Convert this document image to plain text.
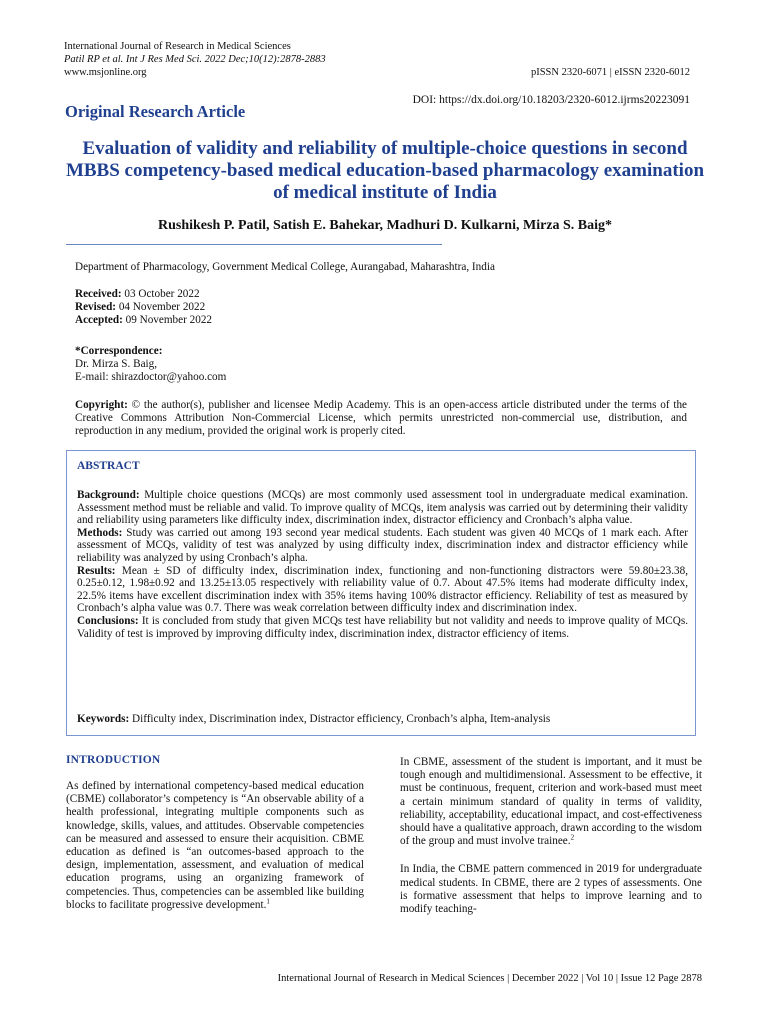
International Journal of Research in Medical Sciences
Patil RP et al. Int J Res Med Sci. 2022 Dec;10(12):2878-2883
www.msjonline.org	pISSN 2320-6071 | eISSN 2320-6012
DOI: https://dx.doi.org/10.18203/2320-6012.ijrms20223091
Original Research Article
Evaluation of validity and reliability of multiple-choice questions in second MBBS competency-based medical education-based pharmacology examination of medical institute of India
Rushikesh P. Patil, Satish E. Bahekar, Madhuri D. Kulkarni, Mirza S. Baig*
Department of Pharmacology, Government Medical College, Aurangabad, Maharashtra, India
Received: 03 October 2022
Revised: 04 November 2022
Accepted: 09 November 2022
*Correspondence:
Dr. Mirza S. Baig,
E-mail: shirazdoctor@yahoo.com
Copyright: © the author(s), publisher and licensee Medip Academy. This is an open-access article distributed under the terms of the Creative Commons Attribution Non-Commercial License, which permits unrestricted non-commercial use, distribution, and reproduction in any medium, provided the original work is properly cited.
ABSTRACT

Background: Multiple choice questions (MCQs) are most commonly used assessment tool in undergraduate medical examination. Assessment method must be reliable and valid. To improve quality of MCQs, item analysis was carried out by determining their validity and reliability using parameters like difficulty index, discrimination index, distractor efficiency and Cronbach’s alpha value.

Methods: Study was carried out among 193 second year medical students. Each student was given 40 MCQs of 1 mark each. After assessment of MCQs, validity of test was analyzed by using difficulty index, discrimination index and distractor efficiency while reliability was analyzed by using Cronbach’s alpha.

Results: Mean ± SD of difficulty index, discrimination index, functioning and non-functioning distractors were 59.80±23.38, 0.25±0.12, 1.98±0.92 and 13.25±13.05 respectively with reliability value of 0.7. About 47.5% items had moderate difficulty index, 22.5% items have excellent discrimination index with 35% items having 100% distractor efficiency. Reliability of test as measured by Cronbach’s alpha value was 0.7. There was weak correlation between difficulty index and discrimination index.

Conclusions: It is concluded from study that given MCQs test have reliability but not validity and needs to improve quality of MCQs. Validity of test is improved by improving difficulty index, discrimination index, distractor efficiency of items.

Keywords: Difficulty index, Discrimination index, Distractor efficiency, Cronbach’s alpha, Item-analysis
INTRODUCTION

As defined by international competency-based medical education (CBME) collaborator’s competency is “An observable ability of a health professional, integrating multiple components such as knowledge, skills, values, and attitudes. Observable competencies can be measured and assessed to ensure their acquisition. CBME education as defined is “an outcomes-based approach to the design, implementation, assessment, and evaluation of medical education programs, using an organizing framework of competencies. Thus, competencies can be assembled like building blocks to facilitate progressive development.$^1$

In CBME, assessment of the student is important, and it must be tough enough and multidimensional. Assessment to be effective, it must be continuous, frequent, criterion and work-based must meet a certain minimum standard of quality in terms of validity, reliability, acceptability, educational impact, and cost-effectiveness should have a qualitative approach, drawn according to the wisdom of the group and must involve trainee.$^2$

In India, the CBME pattern commenced in 2019 for undergraduate medical students. In CBME, there are 2 types of assessments. One is formative assessment that helps to improve learning and to modify teaching-

International Journal of Research in Medical Sciences | December 2022 | Vol 10 | Issue 12 Page 2878
